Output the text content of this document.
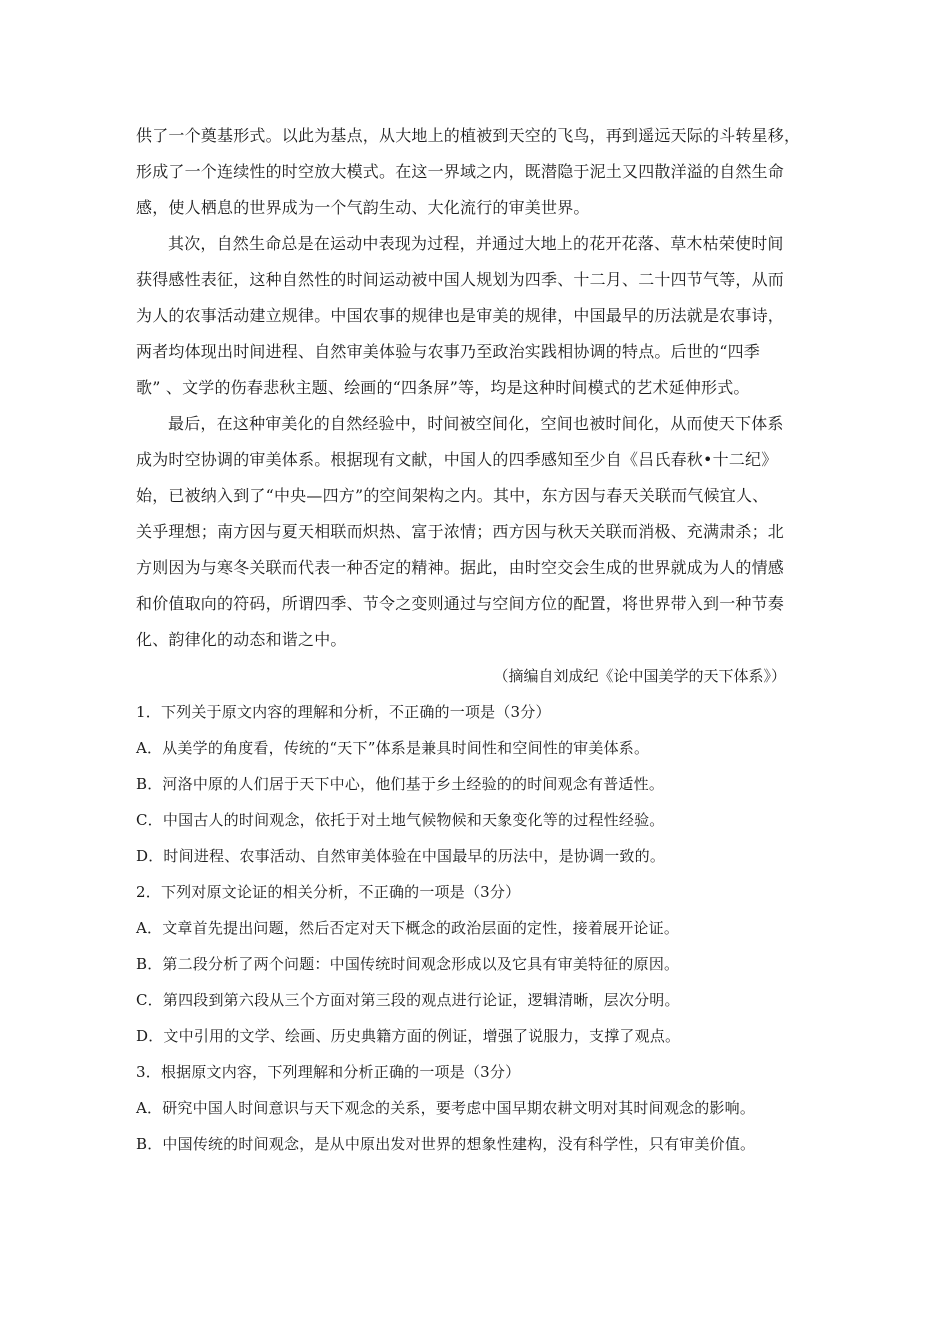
供了一个奠基形式。以此为基点，从大地上的植被到天空的飞鸟，再到遥远天际的斗转星移，
形成了一个连续性的时空放大模式。在这一界域之内，既潜隐于泥土又四散洋溢的自然生命
感，使人栖息的世界成为一个气韵生动、大化流行的审美世界。
其次，自然生命总是在运动中表现为过程，并通过大地上的花开花落、草木枯荣使时间
获得感性表征，这种自然性的时间运动被中国人规划为四季、十二月、二十四节气等，从而
为人的农事活动建立规律。中国农事的规律也是审美的规律，中国最早的历法就是农事诗，
两者均体现出时间进程、自然审美体验与农事乃至政治实践相协调的特点。后世的“四季
歌” 、文学的伤春悲秋主题、绘画的“四条屏”等，均是这种时间模式的艺术延伸形式。
最后，在这种审美化的自然经验中，时间被空间化，空间也被时间化，从而使天下体系
成为时空协调的审美体系。根据现有文献，中国人的四季感知至少自《吕氏春秋•十二纪》
始，已被纳入到了“中央—四方”的空间架构之内。其中，东方因与春天关联而气候宜人、
关乎理想；南方因与夏天相联而炽热、富于浓情；西方因与秋天关联而消极、充满肃杀；北
方则因为与寒冬关联而代表一种否定的精神。据此，由时空交会生成的世界就成为人的情感
和价值取向的符码，所谓四季、节令之变则通过与空间方位的配置，将世界带入到一种节奏
化、韵律化的动态和谐之中。

（摘编自刘成纪《论中国美学的天下体系》）

1．下列关于原文内容的理解和分析，不正确的一项是（3分）

A．从美学的角度看，传统的“天下”体系是兼具时间性和空间性的审美体系。

B．河洛中原的人们居于天下中心，他们基于乡土经验的的时间观念有普适性。

C．中国古人的时间观念，依托于对土地气候物候和天象变化等的过程性经验。

D．时间进程、农事活动、自然审美体验在中国最早的历法中，是协调一致的。

2．下列对原文论证的相关分析，不正确的一项是（3分）

A．文章首先提出问题，然后否定对天下概念的政治层面的定性，接着展开论证。

B．第二段分析了两个问题：中国传统时间观念形成以及它具有审美特征的原因。

C．第四段到第六段从三个方面对第三段的观点进行论证，逻辑清晰，层次分明。

D．文中引用的文学、绘画、历史典籍方面的例证，增强了说服力，支撑了观点。

3．根据原文内容，下列理解和分析正确的一项是（3分）

A．研究中国人时间意识与天下观念的关系，要考虑中国早期农耕文明对其时间观念的影响。

B．中国传统的时间观念，是从中原出发对世界的想象性建构，没有科学性，只有审美价值。
